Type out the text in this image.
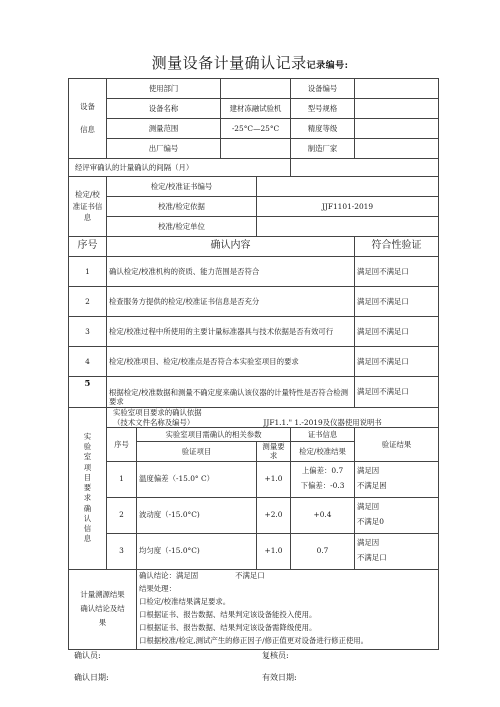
测量设备计量确认记录记录编号:
设备

信息	使用部门		设备编号	
设备名称	建材冻融试验机	型号规格	
测量范围	-25°C—25°C	精度等级	
出厂编号		制造厂家	
经评审确认的计量确认的间隔（月）	
检定/校
准证书信
息	检定/校准证书编号	
校准/检定依据	JJF1101-2019
校准/检定单位	
序号	确认内容	符合性验证
1	确认检定/校准机构的资质、能力范围是否符合	满足回不满足口
2	检查服务方提供的检定/校准证书信息是否充分	满足回不满足口
3	检定/校准过程中所使用的主要计量标准器具与技术依据是否有效可行	满足回不满足口
4	检定/校准项目、检定/校准点是否符合本实验室项目的要求	满足回不满足口
5	根据检定/校准数据和测量不确定度来确认该仪器的计量特性是否符合检测要求	满足回不满足口
实
验
室
项
目
要
求
确
认
信
息	
实验室项目要求的确认依据
（技术文件名称及编号）	JJF1.1." 1.-2019及仪器使用说明书

序号	实验室项目需确认的相关参数	证书信息	验证结果
验证项目	测量要求	检定/校准结果
1	温度偏差（-15.0° C）	+1.0	上偏差：0.7
下偏差：-0.3	满足因
不满足困
2	波动度（-15.0°C)	+2.0	+0.4
	满足回
不满足0
3	均匀度（-15.0°C)	+1.0	0.7
	满足因
不满足口
计量溯源结果
确认结论及结
果	确认结论：满足固　　　　　不满足口
结果处理：
口检定/校准结果满足要求。
口根据证书、报告数据、结果判定该设备能投入使用。
口根据证书、报告数据、结果判定该设备需降级使用。
口根据校准/检定,测试产生的修正因子/修正值更对设备进行修正使用。
确认员:	复核员:
确认日期:	有效日期:
